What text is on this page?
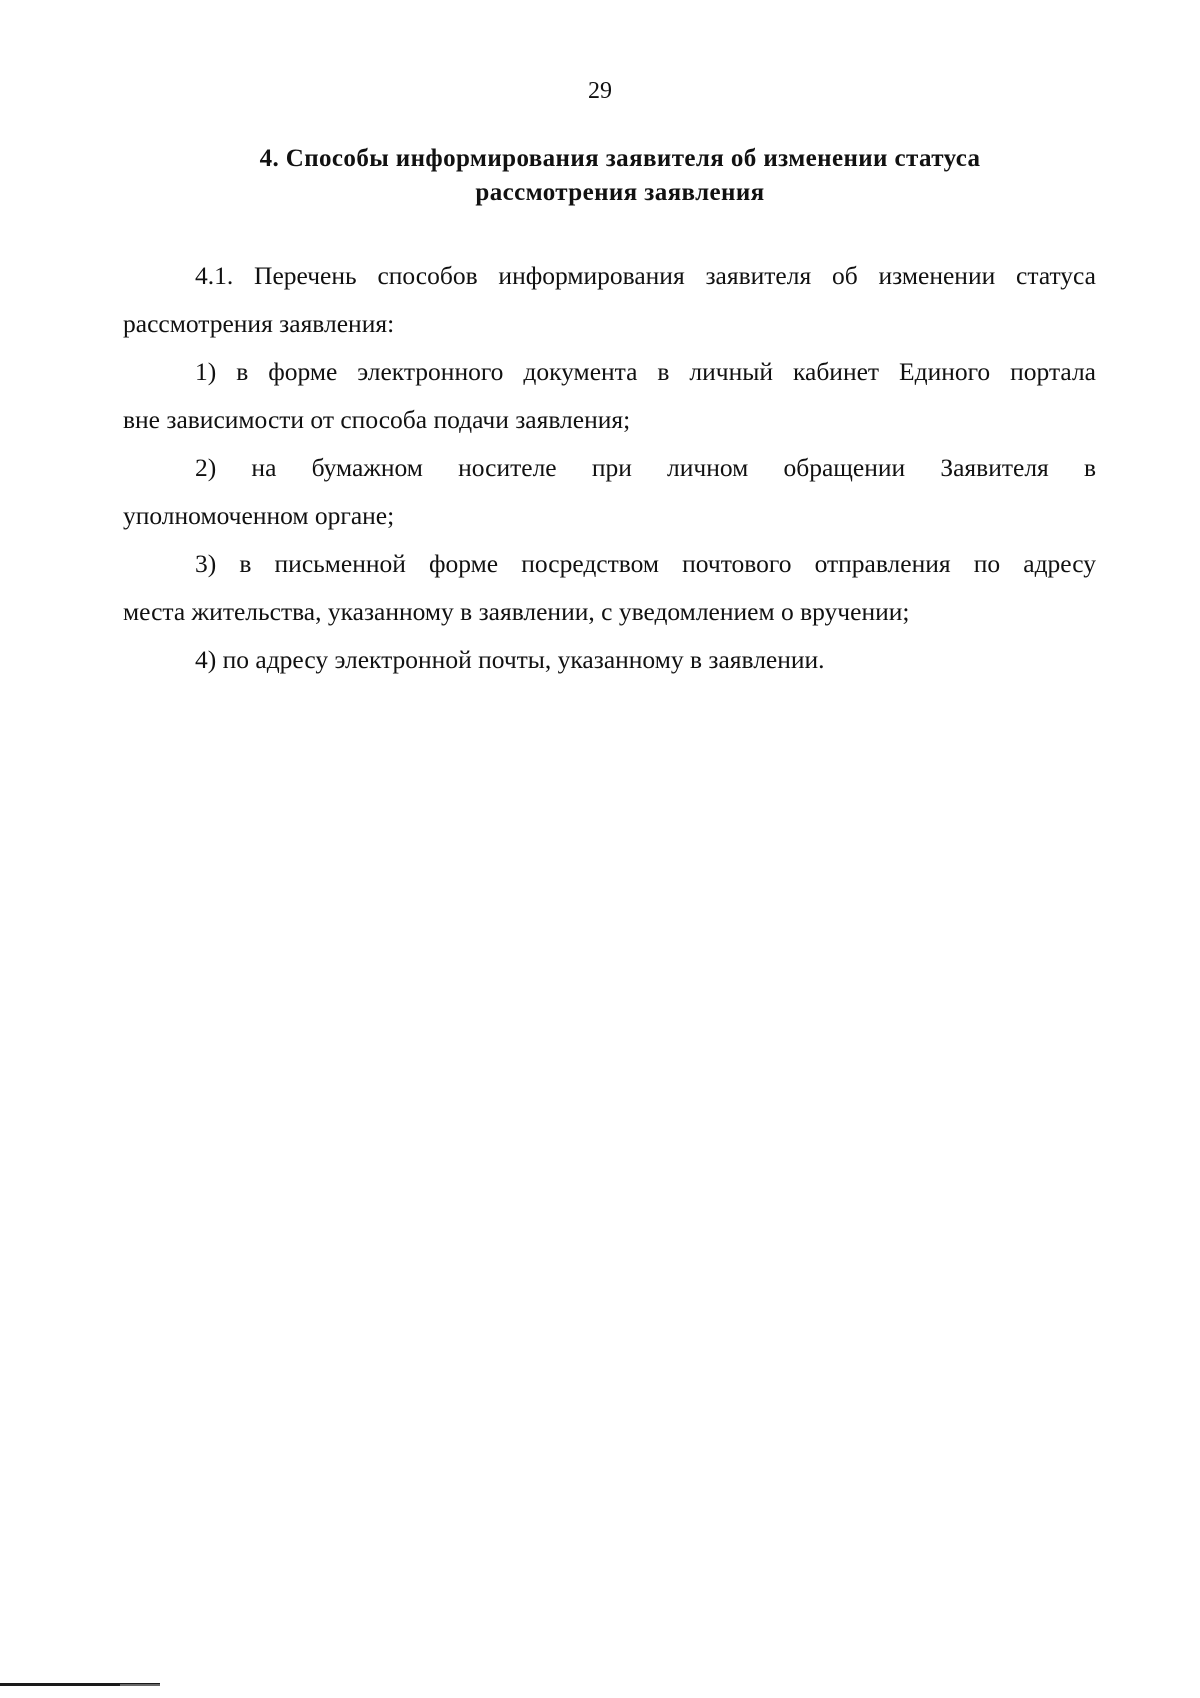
29
4. Способы информирования заявителя об изменении статуса
рассмотрения заявления

4.1. Перечень способов информирования заявителя об изменении статуса
рассмотрения заявления:

1) в форме электронного документа в личный кабинет Единого портала
вне зависимости от способа подачи заявления;

2) на бумажном носителе при личном обращении Заявителя в
уполномоченном органе;

3) в письменной форме посредством почтового отправления по адресу
места жительства, указанному в заявлении, с уведомлением о вручении;

4) по адресу электронной почты, указанному в заявлении.
